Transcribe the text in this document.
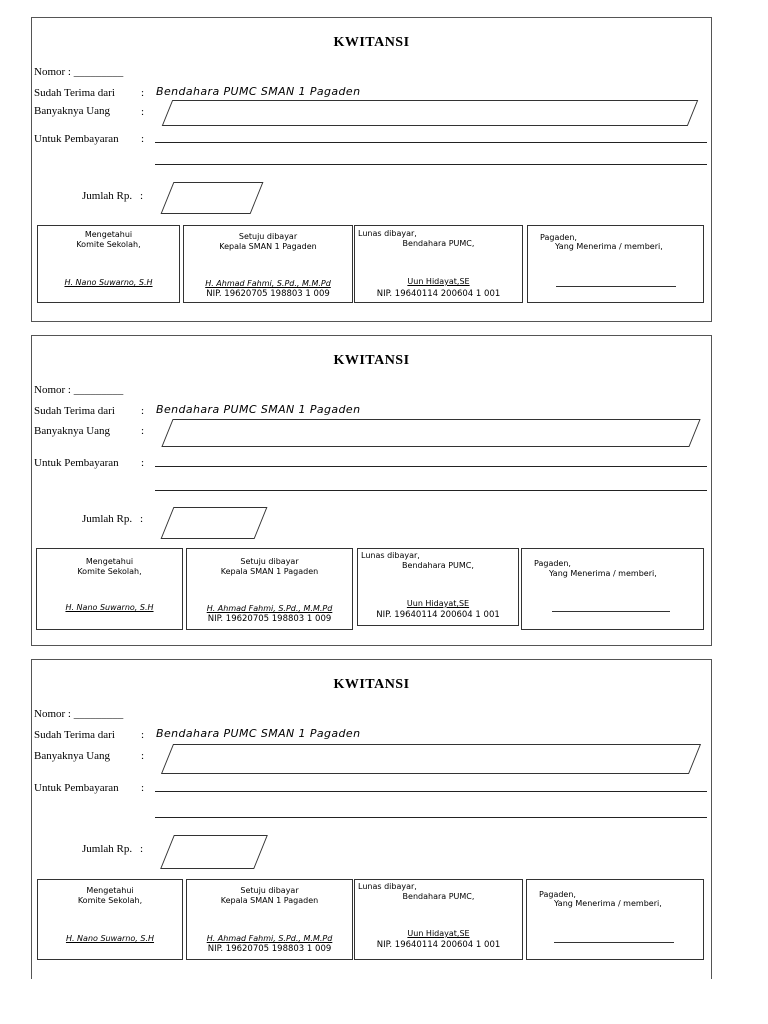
KWITANSI
Nomor : _________
Sudah Terima dari : Bendahara PUMC SMAN 1 Pagaden
Banyaknya Uang	:
Untuk Pembayaran :
Jumlah Rp. :
Mengetahui
Komite Sekolah,
H. Nano Suwarno, S.H
Setuju dibayar
Kepala SMAN 1 Pagaden
H. Ahmad Fahmi, S.Pd., M.M.Pd
NIP. 19620705 198803 1 009
Lunas dibayar,
Bendahara PUMC,
Uun Hidayat,SE
NIP. 19640114 200604 1 001
Pagaden,
Yang Menerima / memberi,
KWITANSI
Nomor : _________
Sudah Terima dari : Bendahara PUMC SMAN 1 Pagaden
Banyaknya Uang	:
Untuk Pembayaran :
Jumlah Rp. :
Mengetahui
Komite Sekolah,
H. Nano Suwarno, S.H
Setuju dibayar
Kepala SMAN 1 Pagaden
H. Ahmad Fahmi, S.Pd., M.M.Pd
NIP. 19620705 198803 1 009
Lunas dibayar,
Bendahara PUMC,
Uun Hidayat,SE
NIP. 19640114 200604 1 001
Pagaden,
Yang Menerima / memberi,
KWITANSI
Nomor : _________
Sudah Terima dari : Bendahara PUMC SMAN 1 Pagaden
Banyaknya Uang	:
Untuk Pembayaran :
Jumlah Rp. :
Mengetahui
Komite Sekolah,
H. Nano Suwarno, S.H
Setuju dibayar
Kepala SMAN 1 Pagaden
H. Ahmad Fahmi, S.Pd., M.M.Pd
NIP. 19620705 198803 1 009
Lunas dibayar,
Bendahara PUMC,
Uun Hidayat,SE
NIP. 19640114 200604 1 001
Pagaden,
Yang Menerima / memberi,
